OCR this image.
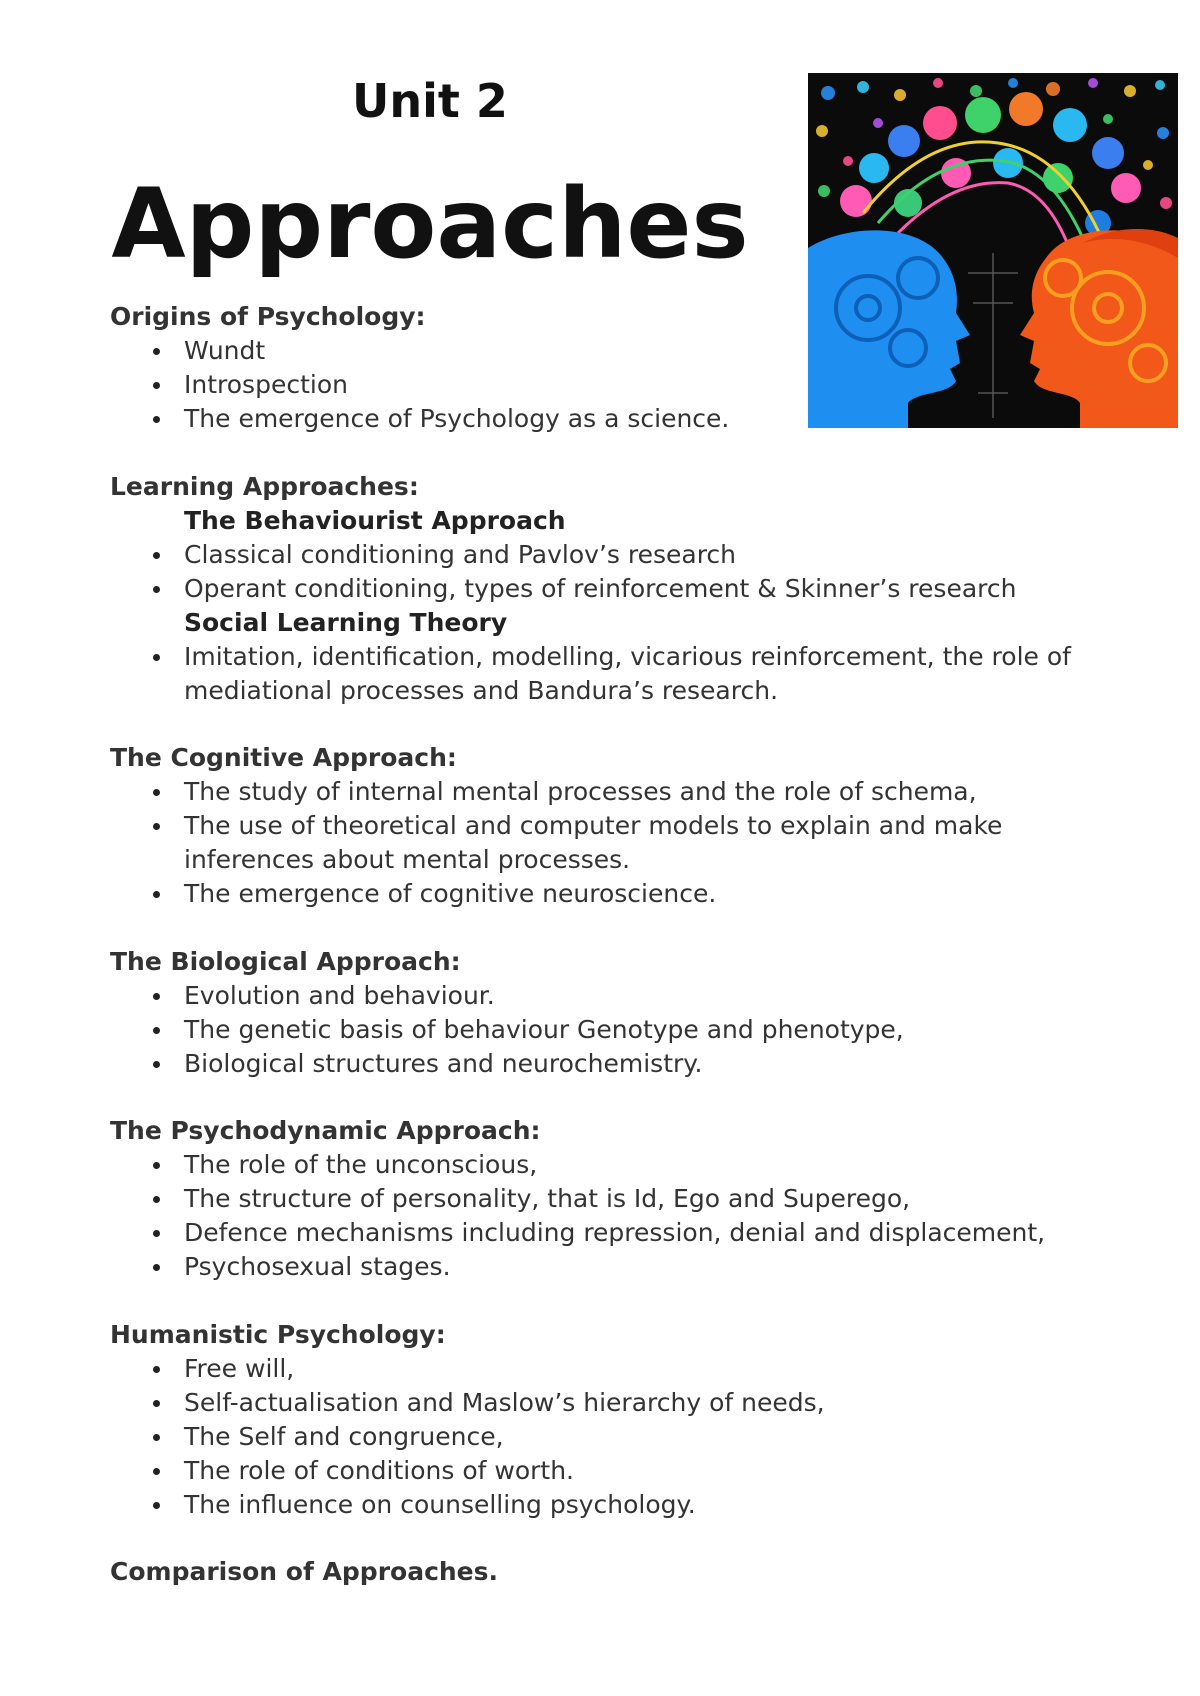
Unit 2
Approaches
Origins of Psychology:
Wundt
Introspection
The emergence of Psychology as a science.
Learning Approaches:
The Behaviourist Approach
Classical conditioning and Pavlov’s research
Operant conditioning, types of reinforcement & Skinner’s research
Social Learning Theory
Imitation, identification, modelling, vicarious reinforcement, the role of mediational processes and Bandura’s research.
The Cognitive Approach:
The study of internal mental processes and the role of schema,
The use of theoretical and computer models to explain and make inferences about mental processes.
The emergence of cognitive neuroscience.
The Biological Approach:
Evolution and behaviour.
The genetic basis of behaviour Genotype and phenotype,
Biological structures and neurochemistry.
The Psychodynamic Approach:
The role of the unconscious,
The structure of personality, that is Id, Ego and Superego,
Defence mechanisms including repression, denial and displacement,
Psychosexual stages.
Humanistic Psychology:
Free will,
Self-actualisation and Maslow’s hierarchy of needs,
The Self and congruence,
The role of conditions of worth.
The influence on counselling psychology.
Comparison of Approaches.
